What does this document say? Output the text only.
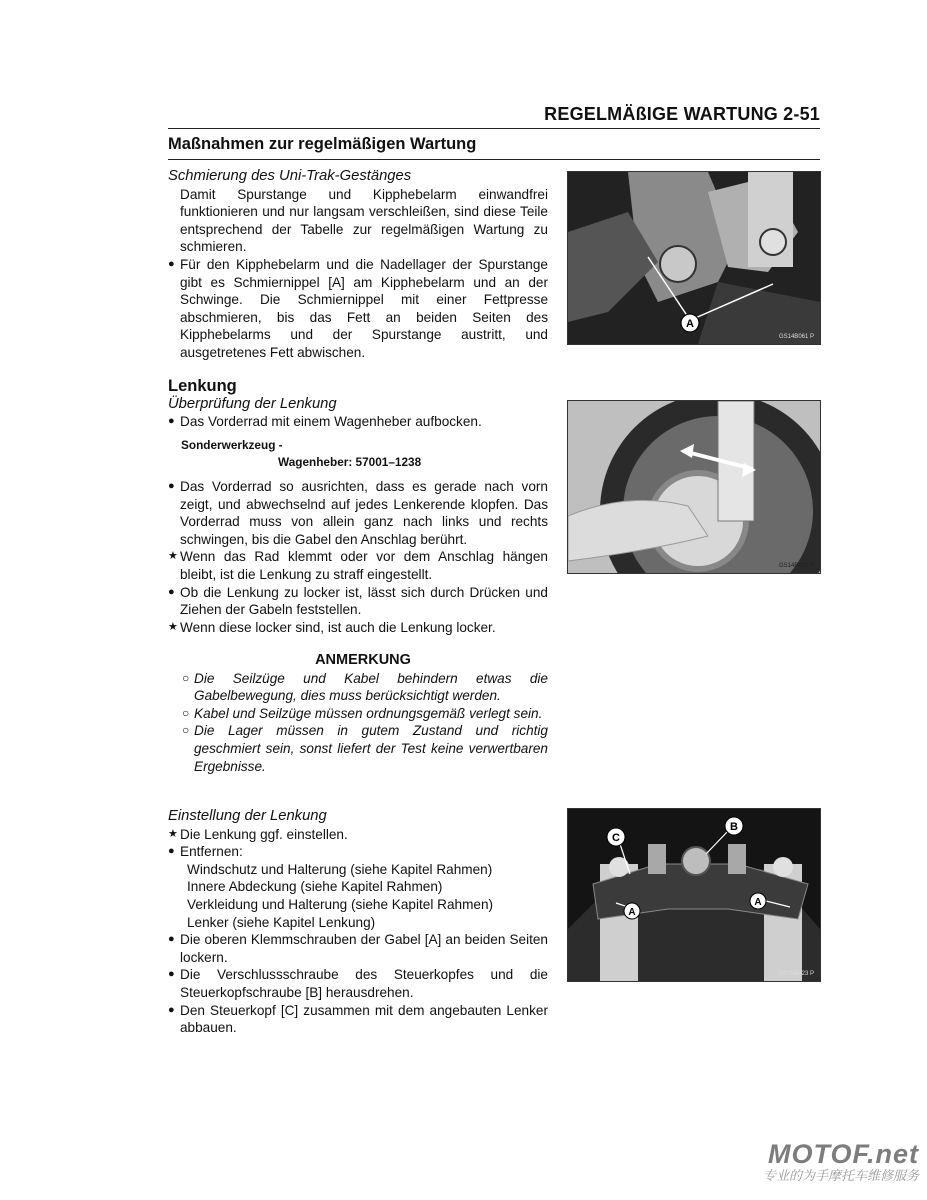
REGELMÄßIGE WARTUNG 2-51
Maßnahmen zur regelmäßigen Wartung

Schmierung des Uni-Trak-Gestänges

Damit Spurstange und Kipphebelarm einwandfrei funktionieren und nur langsam verschleißen, sind diese Teile entsprechend der Tabelle zur regelmäßigen Wartung zu schmieren.

● Für den Kipphebelarm und die Nadellager der Spurstange gibt es Schmiernippel [A] am Kipphebelarm und an der Schwinge. Die Schmiernippel mit einer Fettpresse abschmieren, bis das Fett an beiden Seiten des Kipphebelarms und der Spurstange austritt, und ausgetretenes Fett abwischen.
A
GS14B061 P

Lenkung

Überprüfung der Lenkung

● Das Vorderrad mit einem Wagenheber aufbocken.

Sonderwerkzeug -

Wagenheber: 57001–1238

● Das Vorderrad so ausrichten, dass es gerade nach vorn zeigt, und abwechselnd auf jedes Lenkerende klopfen. Das Vorderrad muss von allein ganz nach links und rechts schwingen, bis die Gabel den Anschlag berührt.
★ Wenn das Rad klemmt oder vor dem Anschlag hängen bleibt, ist die Lenkung zu straff eingestellt.
● Ob die Lenkung zu locker ist, lässt sich durch Drücken und Ziehen der Gabeln feststellen.
★ Wenn diese locker sind, ist auch die Lenkung locker.
GS14B002 P

ANMERKUNG

○ Die Seilzüge und Kabel behindern etwas die Gabelbewegung, dies muss berücksichtigt werden.
○ Kabel und Seilzüge müssen ordnungsgemäß verlegt sein.
○ Die Lager müssen in gutem Zustand und richtig geschmiert sein, sonst liefert der Test keine verwertbaren Ergebnisse.

Einstellung der Lenkung

★ Die Lenkung ggf. einstellen.
● Entfernen:

Windschutz und Halterung (siehe Kapitel Rahmen)

Innere Abdeckung (siehe Kapitel Rahmen)

Verkleidung und Halterung (siehe Kapitel Rahmen)

Lenker (siehe Kapitel Lenkung)

● Die oberen Klemmschrauben der Gabel [A] an beiden Seiten lockern.
● Die Verschlussschraube des Steuerkopfes und die Steuerkopfschraube [B] herausdrehen.
● Den Steuerkopf [C] zusammen mit dem angebauten Lenker abbauen.
C
B
A
A
GS15B023 P
MOTOF.net
专业的为手摩托车维修服务
